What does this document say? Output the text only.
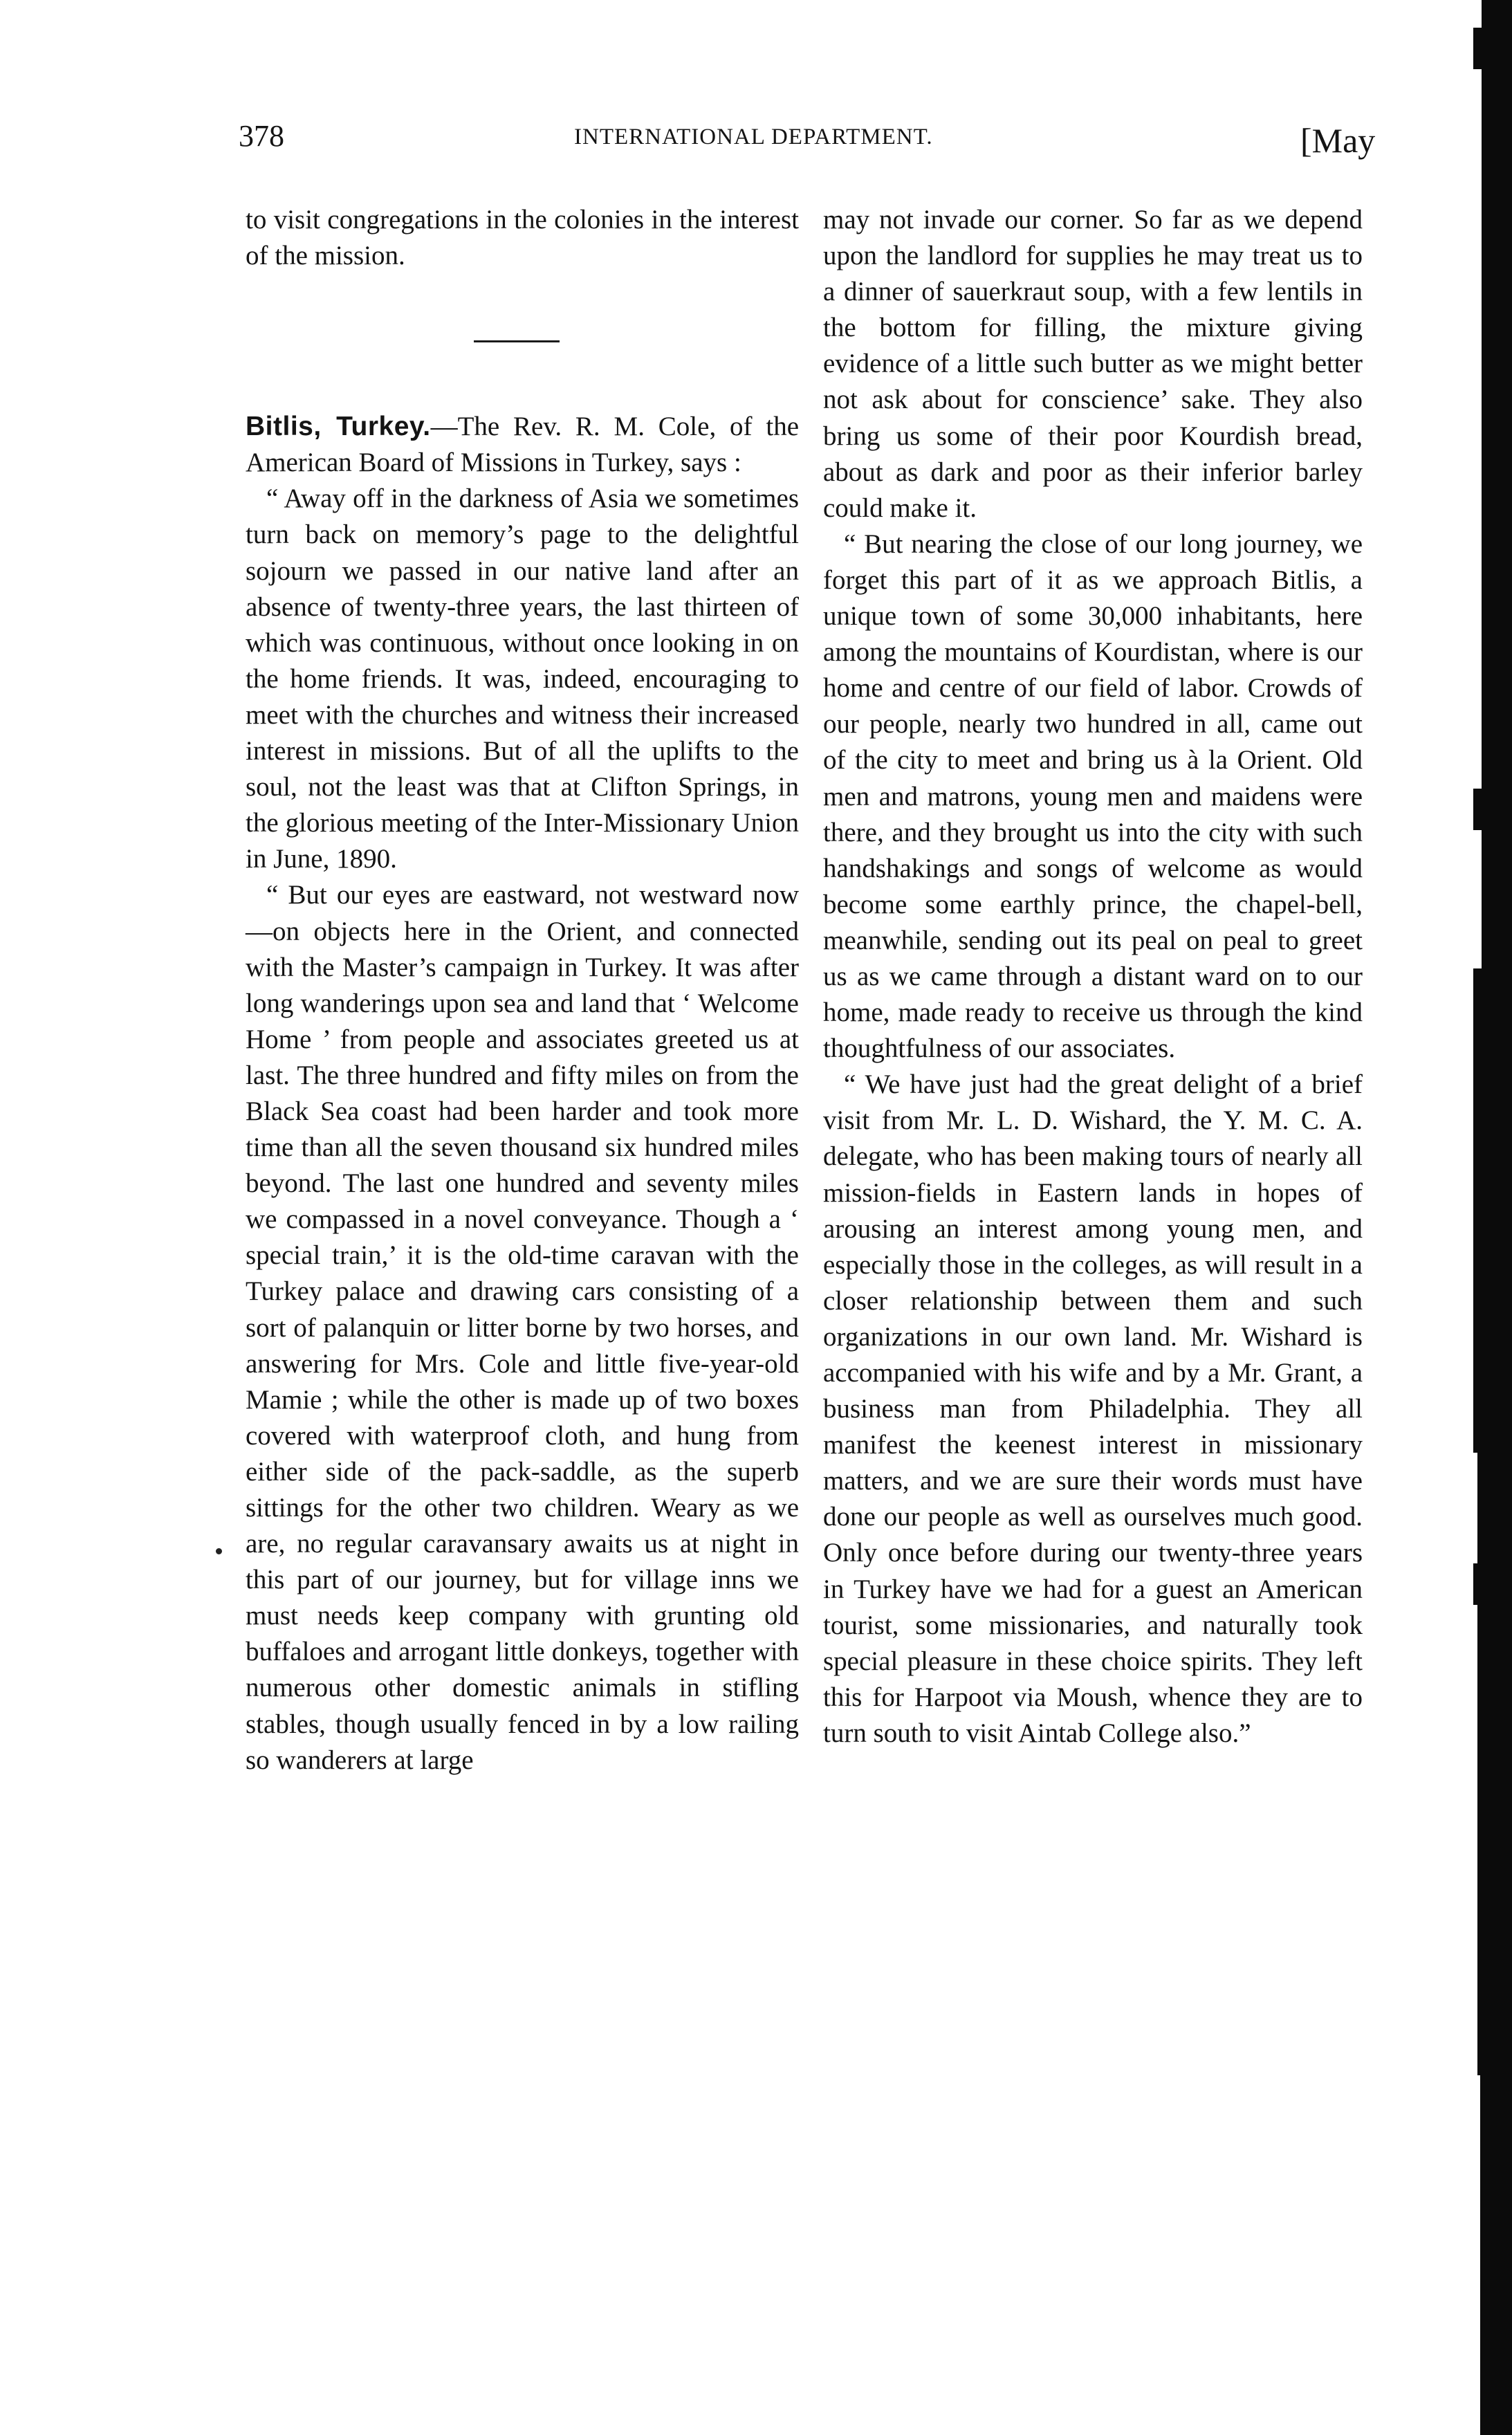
378	INTERNATIONAL DEPARTMENT.	[May

to visit congregations in the colonies in the interest of the mission.

Bitlis, Turkey.—The Rev. R. M. Cole, of the American Board of Missions in Turkey, says :

“ Away off in the darkness of Asia we sometimes turn back on memory’s page to the delightful sojourn we passed in our native land after an absence of twenty-three years, the last thirteen of which was continuous, without once looking in on the home friends. It was, indeed, encouraging to meet with the churches and witness their increased interest in missions. But of all the uplifts to the soul, not the least was that at Clifton Springs, in the glorious meeting of the Inter-Missionary Union in June, 1890.

“ But our eyes are eastward, not westward now—on objects here in the Orient, and connected with the Master’s campaign in Turkey. It was after long wanderings upon sea and land that ‘ Welcome Home ’ from people and associates greeted us at last. The three hundred and fifty miles on from the Black Sea coast had been harder and took more time than all the seven thousand six hundred miles beyond. The last one hundred and seventy miles we compassed in a novel conveyance. Though a ‘ special train,’ it is the old-time caravan with the Turkey palace and drawing cars consisting of a sort of palanquin or litter borne by two horses, and answering for Mrs. Cole and little five-year-old Mamie ; while the other is made up of two boxes covered with waterproof cloth, and hung from either side of the pack-saddle, as the superb sittings for the other two children. Weary as we are, no regular caravansary awaits us at night in this part of our journey, but for village inns we must needs keep company with grunting old buffaloes and arrogant little donkeys, together with numerous other domestic animals in stifling stables, though usually fenced in by a low railing so wanderers at large

may not invade our corner. So far as we depend upon the landlord for supplies he may treat us to a dinner of sauerkraut soup, with a few lentils in the bottom for filling, the mixture giving evidence of a little such butter as we might better not ask about for conscience’ sake. They also bring us some of their poor Kourdish bread, about as dark and poor as their inferior barley could make it.

“ But nearing the close of our long journey, we forget this part of it as we approach Bitlis, a unique town of some 30,000 inhabitants, here among the mountains of Kourdistan, where is our home and centre of our field of labor. Crowds of our people, nearly two hundred in all, came out of the city to meet and bring us à la Orient. Old men and matrons, young men and maidens were there, and they brought us into the city with such handshakings and songs of welcome as would become some earthly prince, the chapel-bell, meanwhile, sending out its peal on peal to greet us as we came through a distant ward on to our home, made ready to receive us through the kind thoughtfulness of our associates.

“ We have just had the great delight of a brief visit from Mr. L. D. Wishard, the Y. M. C. A. delegate, who has been making tours of nearly all mission-fields in Eastern lands in hopes of arousing an interest among young men, and especially those in the colleges, as will result in a closer relationship between them and such organizations in our own land. Mr. Wishard is accompanied with his wife and by a Mr. Grant, a business man from Philadelphia. They all manifest the keenest interest in missionary matters, and we are sure their words must have done our people as well as ourselves much good. Only once before during our twenty-three years in Turkey have we had for a guest an American tourist, some missionaries, and naturally took special pleasure in these choice spirits. They left this for Harpoot via Moush, whence they are to turn south to visit Aintab College also.”
